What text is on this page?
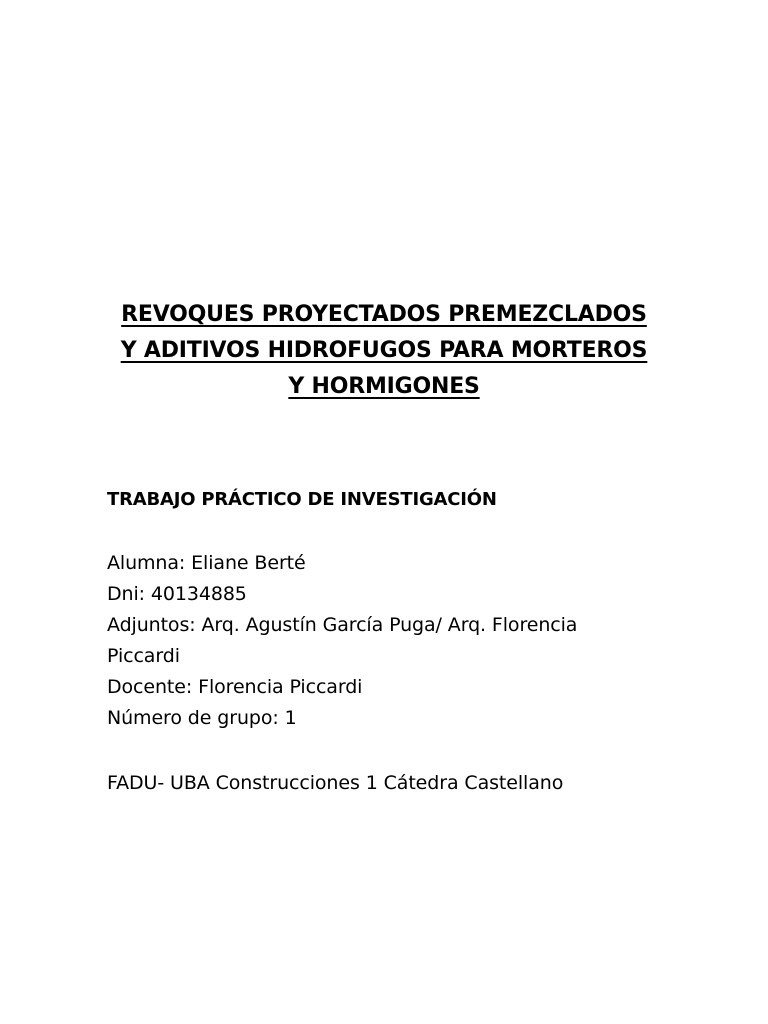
REVOQUES PROYECTADOS PREMEZCLADOS
Y ADITIVOS HIDROFUGOS PARA MORTEROS
Y HORMIGONES
TRABAJO PRÁCTICO DE INVESTIGACIÓN
Alumna: Eliane Berté
Dni: 40134885
Adjuntos: Arq. Agustín García Puga/ Arq. Florencia
Piccardi
Docente: Florencia Piccardi
Número de grupo: 1
FADU- UBA Construcciones 1 Cátedra Castellano
